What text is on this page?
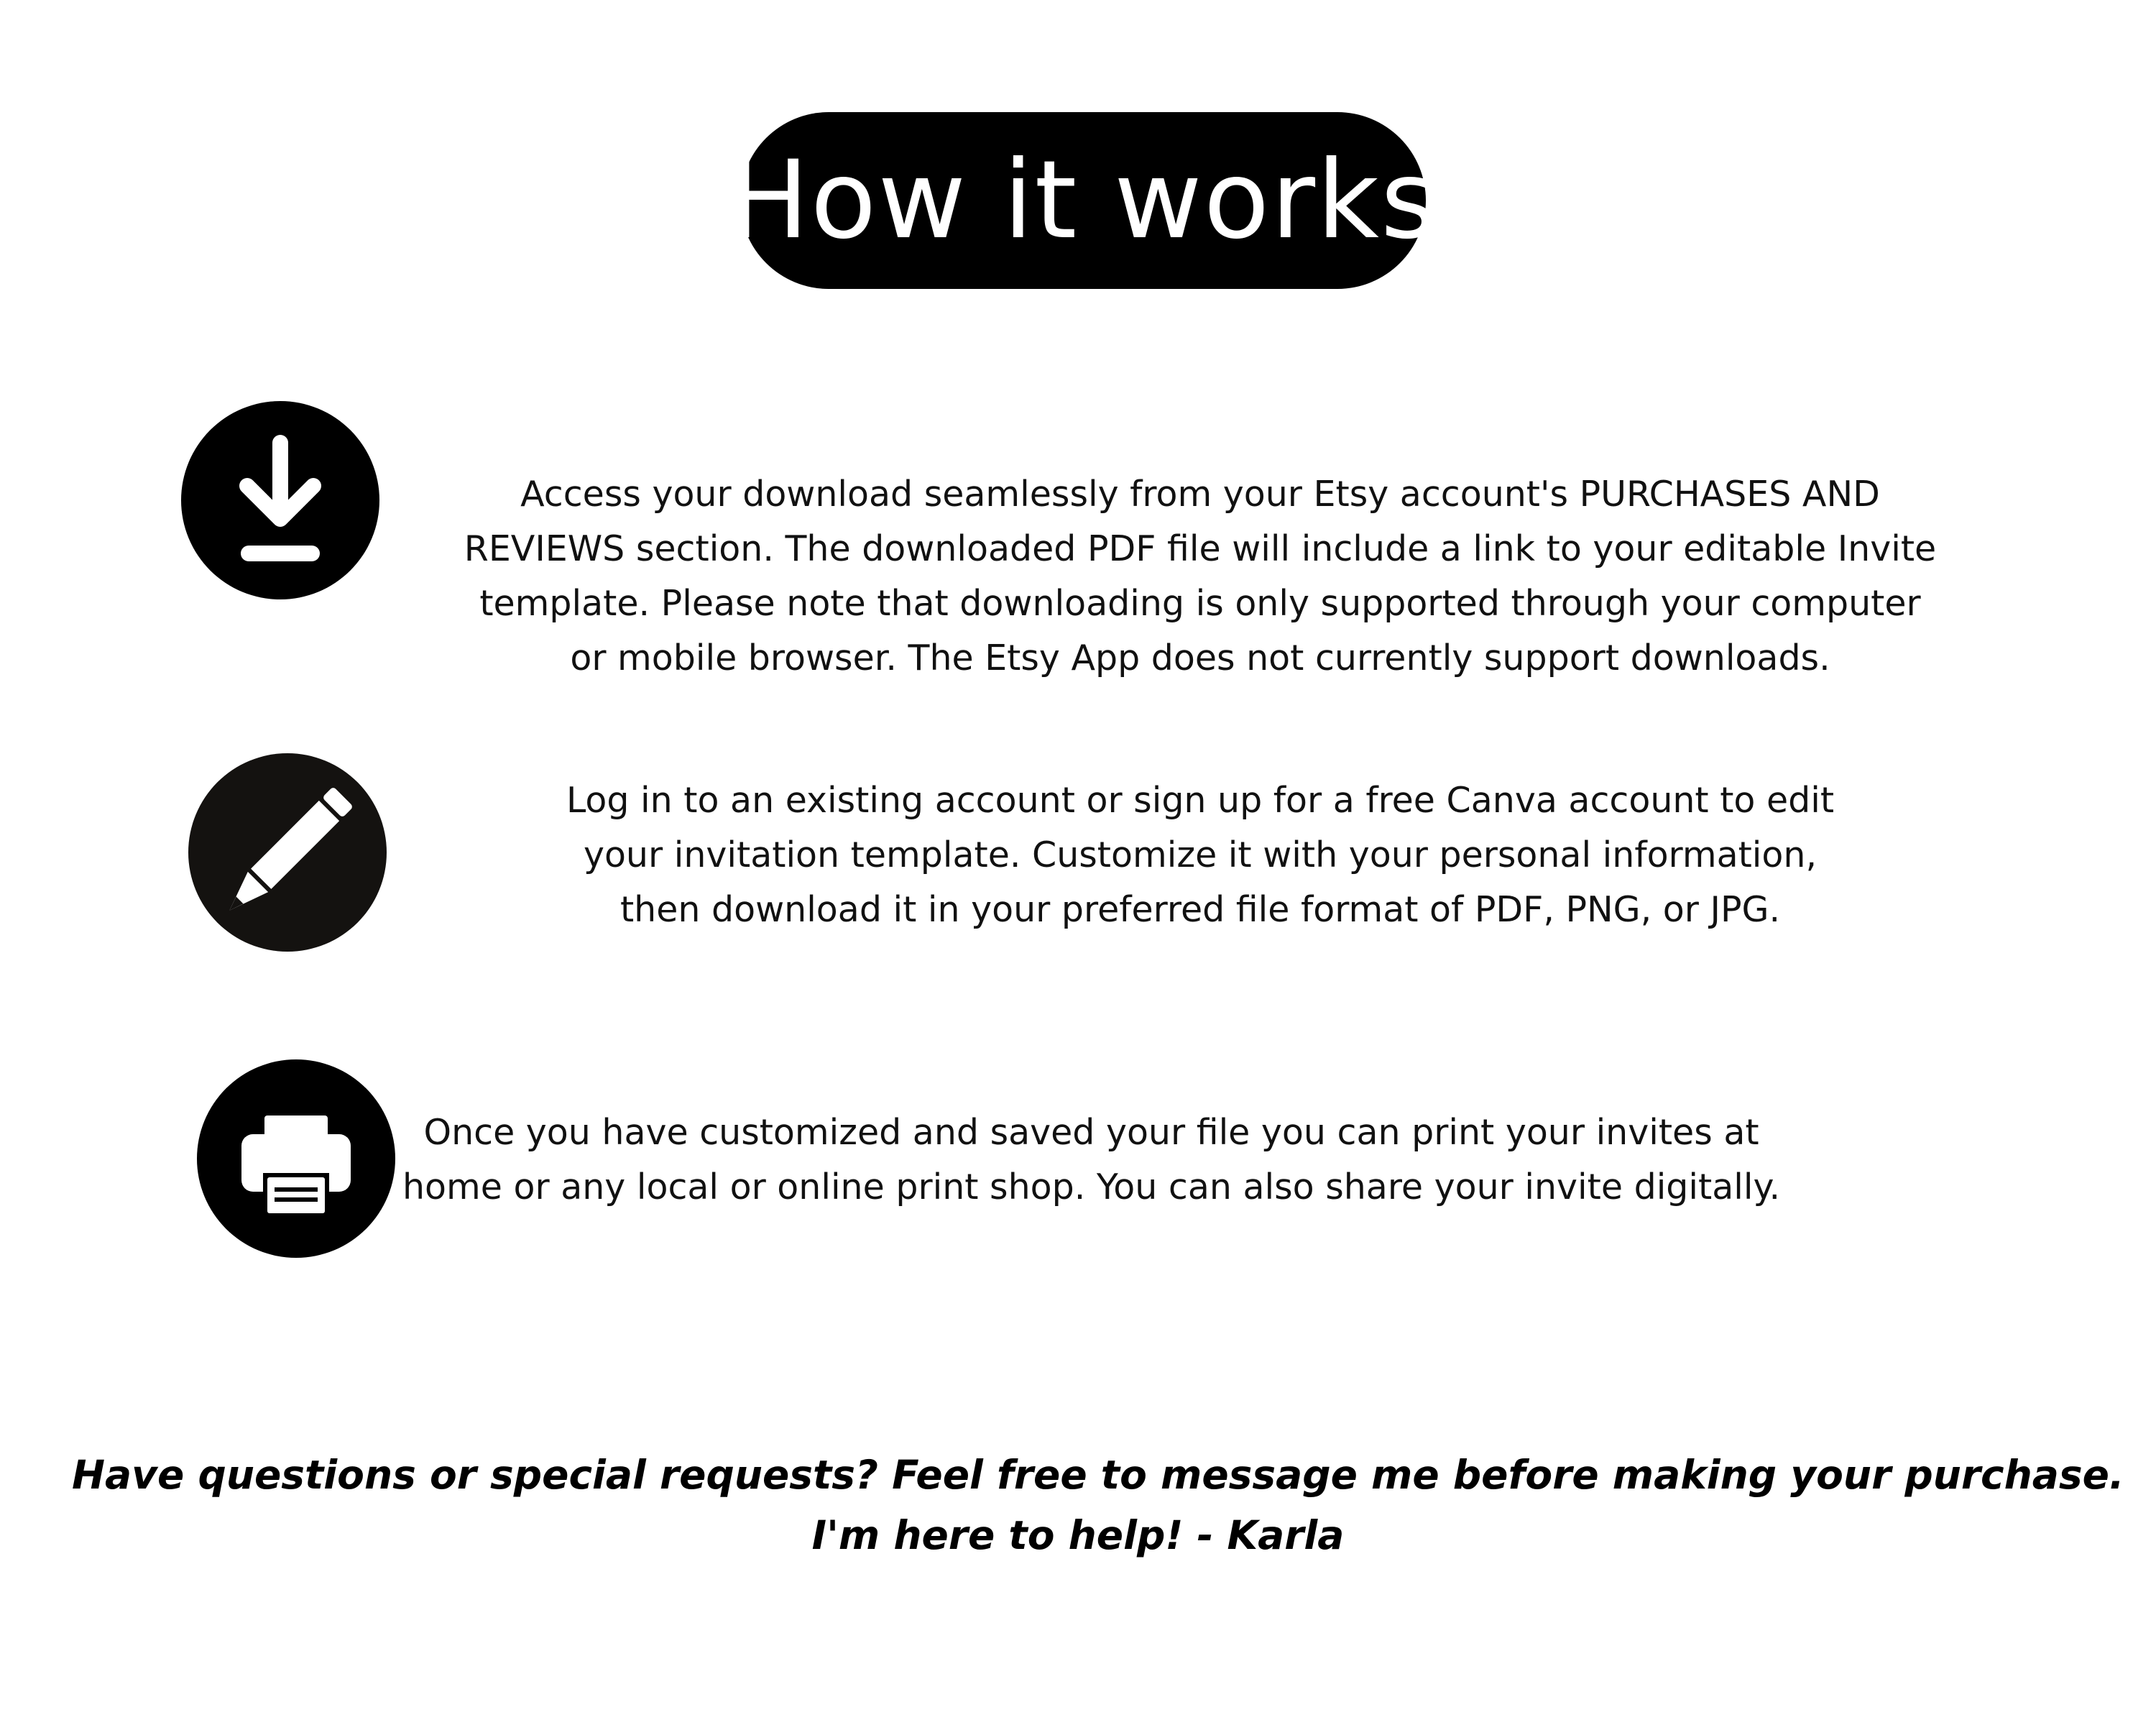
How it works

Access your download seamlessly from your Etsy account's PURCHASES AND
REVIEWS section. The downloaded PDF file will include a link to your editable Invite
template. Please note that downloading is only supported through your computer
or mobile browser. The Etsy App does not currently support downloads.

Log in to an existing account or sign up for a free Canva account to edit
your invitation template. Customize it with your personal information,
then download it in your preferred file format of PDF, PNG, or JPG.

Once you have customized and saved your file you can print your invites at
home or any local or online print shop. You can also share your invite digitally.

Have questions or special requests? Feel free to message me before making your purchase.
I'm here to help! - Karla
